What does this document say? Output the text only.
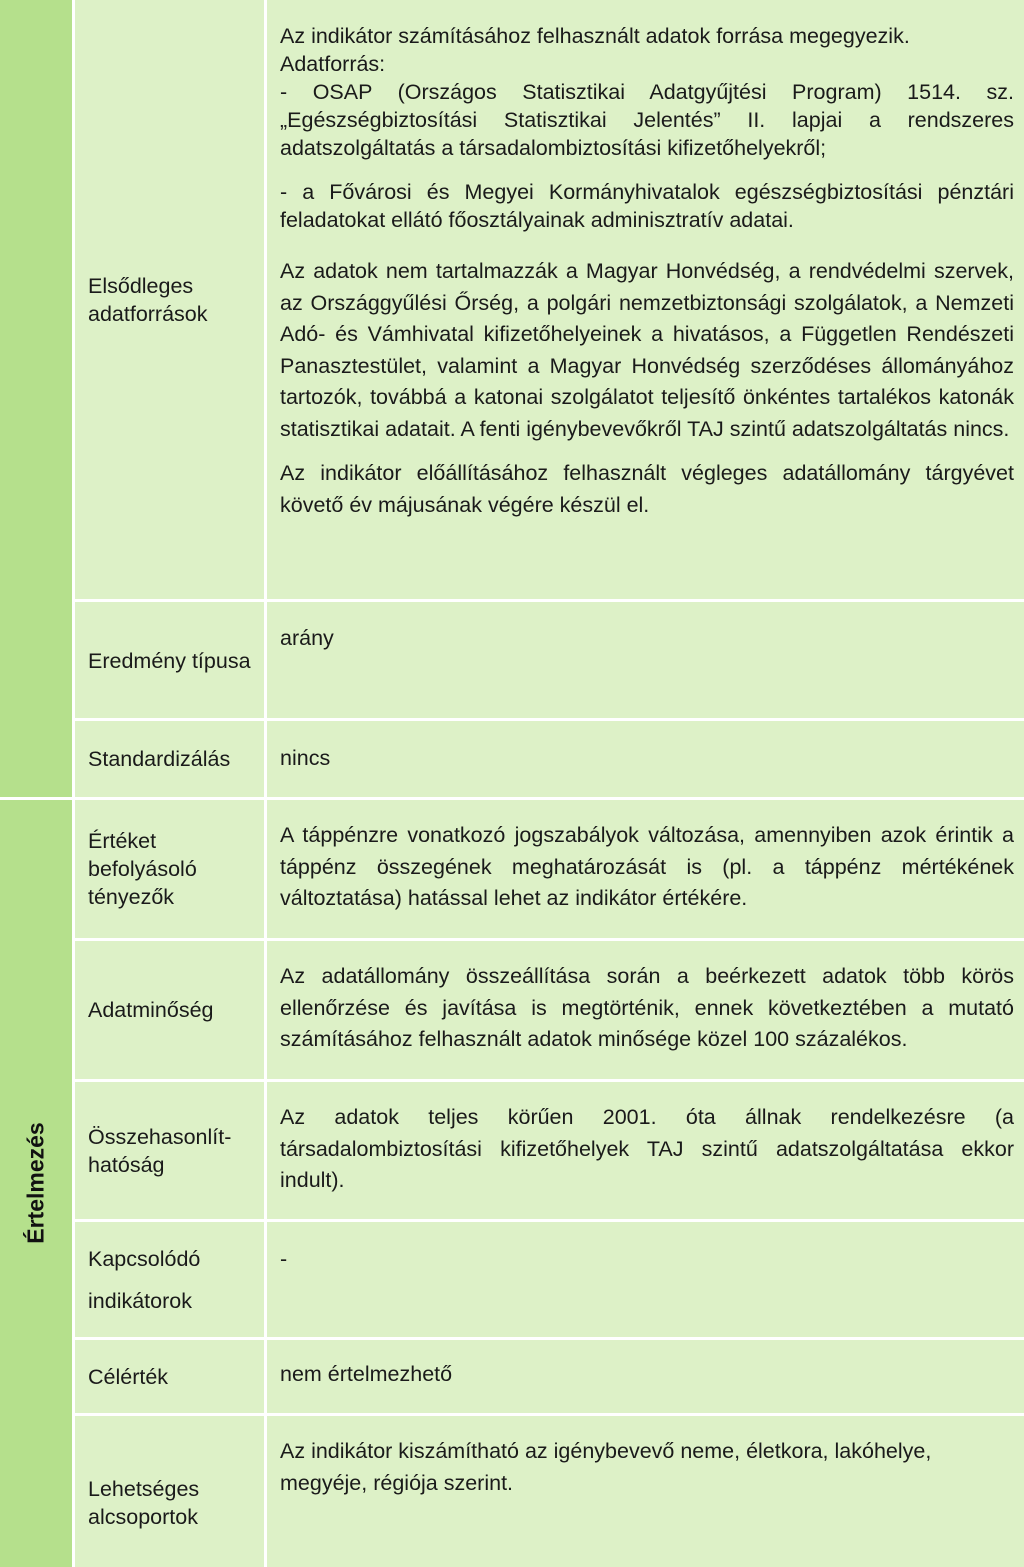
Értelmezés
Elsődleges adatforrások

Az indikátor számításához felhasznált adatok forrása megegyezik.

Adatforrás:

- OSAP (Országos Statisztikai Adatgyűjtési Program) 1514. sz. „Egészségbiztosítási Statisztikai Jelentés” II. lapjai a rendszeres adatszolgáltatás a társadalombiztosítási kifizetőhelyekről;

- a Fővárosi és Megyei Kormányhivatalok egészségbiztosítási pénztári feladatokat ellátó főosztályainak adminisztratív adatai.

Az adatok nem tartalmazzák a Magyar Honvédség, a rendvédelmi szervek, az Országgyűlési Őrség, a polgári nemzetbiztonsági szolgálatok, a Nemzeti Adó- és Vámhivatal kifizetőhelyeinek a hivatásos, a Független Rendészeti Panasztestület, valamint a Magyar Honvédség szerződéses állományához tartozók, továbbá a katonai szolgálatot teljesítő önkéntes tartalékos katonák statisztikai adatait. A fenti igénybevevőkről TAJ szintű adatszolgáltatás nincs.

Az indikátor előállításához felhasznált végleges adatállomány tárgyévet követő év májusának végére készül el.

Eredmény típusa
arány
Standardizálás	nincs
Értéket befolyásoló tényezők
A táppénzre vonatkozó jogszabályok változása, amennyiben azok érintik a táppénz összegének meghatározását is (pl. a táppénz mértékének változtatása) hatással lehet az indikátor értékére.
Adatminőség
Az adatállomány összeállítása során a beérkezett adatok több körös ellenőrzése és javítása is megtörténik, ennek következtében a mutató számításához felhasznált adatok minősége közel 100 százalékos.
Összehasonlít-
hatóság
Az adatok teljes körűen 2001. óta állnak rendelkezésre (a társadalombiztosítási kifizetőhelyek TAJ szintű adatszolgáltatása ekkor indult).
Kapcsolódó
indikátorok
-
Célérték	nem értelmezhető
Lehetséges alcsoportok
Az indikátor kiszámítható az igénybevevő neme, életkora, lakóhelye, megyéje, régiója szerint.
